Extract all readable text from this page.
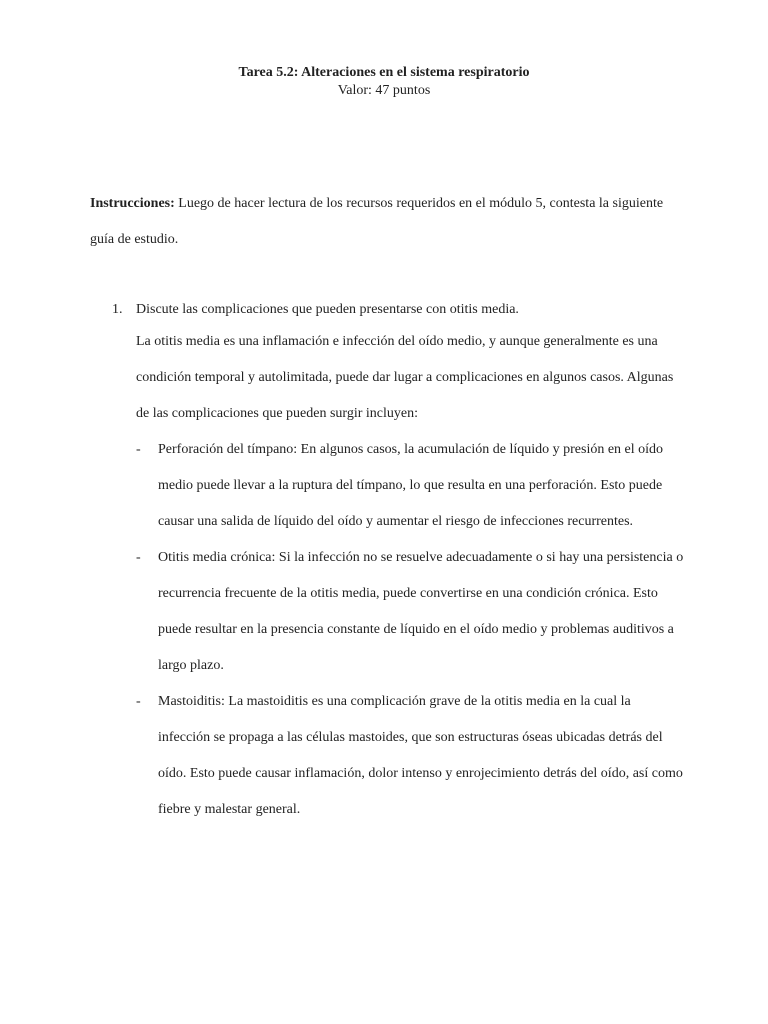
Tarea 5.2: Alteraciones en el sistema respiratorio
Valor: 47 puntos

Instrucciones: Luego de hacer lectura de los recursos requeridos en el módulo 5, contesta la siguiente guía de estudio.

1. Discute las complicaciones que pueden presentarse con otitis media.

La otitis media es una inflamación e infección del oído medio, y aunque generalmente es una condición temporal y autolimitada, puede dar lugar a complicaciones en algunos casos. Algunas de las complicaciones que pueden surgir incluyen:

- Perforación del tímpano: En algunos casos, la acumulación de líquido y presión en el oído medio puede llevar a la ruptura del tímpano, lo que resulta en una perforación. Esto puede causar una salida de líquido del oído y aumentar el riesgo de infecciones recurrentes.
- Otitis media crónica: Si la infección no se resuelve adecuadamente o si hay una persistencia o recurrencia frecuente de la otitis media, puede convertirse en una condición crónica. Esto puede resultar en la presencia constante de líquido en el oído medio y problemas auditivos a largo plazo.
- Mastoiditis: La mastoiditis es una complicación grave de la otitis media en la cual la infección se propaga a las células mastoides, que son estructuras óseas ubicadas detrás del oído. Esto puede causar inflamación, dolor intenso y enrojecimiento detrás del oído, así como fiebre y malestar general.
